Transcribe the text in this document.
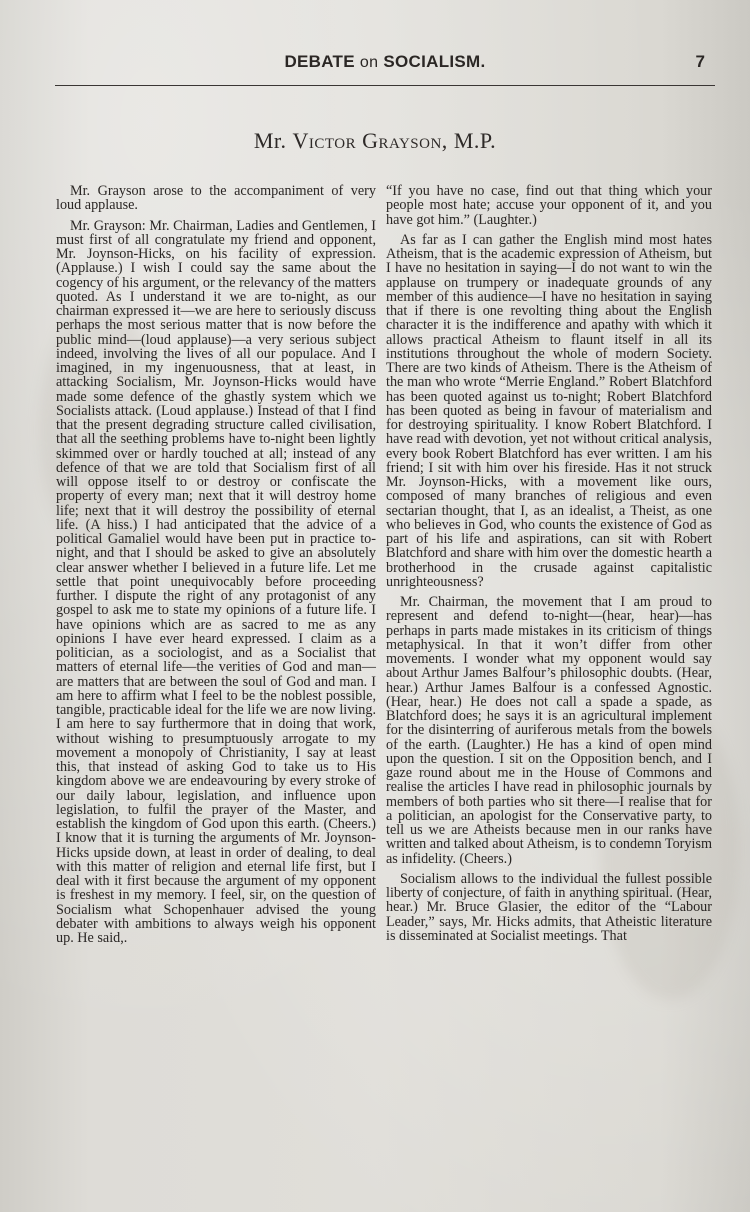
DEBATE on SOCIALISM.	7
Mr. Victor Grayson, M.P.

Mr. Grayson arose to the accompaniment of very loud applause.

Mr. Grayson: Mr. Chairman, Ladies and Gentlemen, I must first of all congratulate my friend and opponent, Mr. Joynson-Hicks, on his facility of expression. (Applause.) I wish I could say the same about the cogency of his argument, or the relevancy of the matters quoted. As I understand it we are to-night, as our chairman expressed it—we are here to seriously discuss perhaps the most serious matter that is now before the public mind—(loud applause)—a very serious subject indeed, involving the lives of all our populace. And I imagined, in my ingenuousness, that at least, in attacking Socialism, Mr. Joynson-Hicks would have made some defence of the ghastly system which we Socialists attack. (Loud applause.) Instead of that I find that the present degrading structure called civilisation, that all the seething problems have to-night been lightly skimmed over or hardly touched at all; instead of any defence of that we are told that Socialism first of all will oppose itself to or destroy or confiscate the property of every man; next that it will destroy home life; next that it will destroy the possibility of eternal life. (A hiss.) I had anticipated that the advice of a political Gamaliel would have been put in practice to-night, and that I should be asked to give an absolutely clear answer whether I believed in a future life. Let me settle that point unequivocably before proceeding further. I dispute the right of any protagonist of any gospel to ask me to state my opinions of a future life. I have opinions which are as sacred to me as any opinions I have ever heard expressed. I claim as a politician, as a sociologist, and as a Socialist that matters of eternal life—the verities of God and man—are matters that are between the soul of God and man. I am here to affirm what I feel to be the noblest possible, tangible, practicable ideal for the life we are now living. I am here to say furthermore that in doing that work, without wishing to presumptuously arrogate to my movement a monopoly of Christianity, I say at least this, that instead of asking God to take us to His kingdom above we are endeavouring by every stroke of our daily labour, legislation, and influence upon legislation, to fulfil the prayer of the Master, and establish the kingdom of God upon this earth. (Cheers.) I know that it is turning the arguments of Mr. Joynson-Hicks upside down, at least in order of dealing, to deal with this matter of religion and eternal life first, but I deal with it first because the argument of my opponent is freshest in my memory. I feel, sir, on the question of Socialism what Schopenhauer advised the young debater with ambitions to always weigh his opponent up. He said,.

“If you have no case, find out that thing which your people most hate; accuse your opponent of it, and you have got him.” (Laughter.)

As far as I can gather the English mind most hates Atheism, that is the academic expression of Atheism, but I have no hesitation in saying—I do not want to win the applause on trumpery or inadequate grounds of any member of this audience—I have no hesitation in saying that if there is one revolting thing about the English character it is the indifference and apathy with which it allows practical Atheism to flaunt itself in all its institutions throughout the whole of modern Society. There are two kinds of Atheism. There is the Atheism of the man who wrote “Merrie England.” Robert Blatchford has been quoted against us to-night; Robert Blatchford has been quoted as being in favour of materialism and for destroying spirituality. I know Robert Blatchford. I have read with devotion, yet not without critical analysis, every book Robert Blatchford has ever written. I am his friend; I sit with him over his fireside. Has it not struck Mr. Joynson-Hicks, with a movement like ours, composed of many branches of religious and even sectarian thought, that I, as an idealist, a Theist, as one who believes in God, who counts the existence of God as part of his life and aspirations, can sit with Robert Blatchford and share with him over the domestic hearth a brotherhood in the crusade against capitalistic unrighteousness?

Mr. Chairman, the movement that I am proud to represent and defend to-night—(hear, hear)—has perhaps in parts made mistakes in its criticism of things metaphysical. In that it won’t differ from other movements. I wonder what my opponent would say about Arthur James Balfour’s philosophic doubts. (Hear, hear.) Arthur James Balfour is a confessed Agnostic. (Hear, hear.) He does not call a spade a spade, as Blatchford does; he says it is an agricultural implement for the disinterring of auriferous metals from the bowels of the earth. (Laughter.) He has a kind of open mind upon the question. I sit on the Opposition bench, and I gaze round about me in the House of Commons and realise the articles I have read in philosophic journals by members of both parties who sit there—I realise that for a politician, an apologist for the Conservative party, to tell us we are Atheists because men in our ranks have written and talked about Atheism, is to condemn Toryism as infidelity. (Cheers.)

Socialism allows to the individual the fullest possible liberty of conjecture, of faith in anything spiritual. (Hear, hear.) Mr. Bruce Glasier, the editor of the “Labour Leader,” says, Mr. Hicks admits, that Atheistic literature is disseminated at Socialist meetings. That
